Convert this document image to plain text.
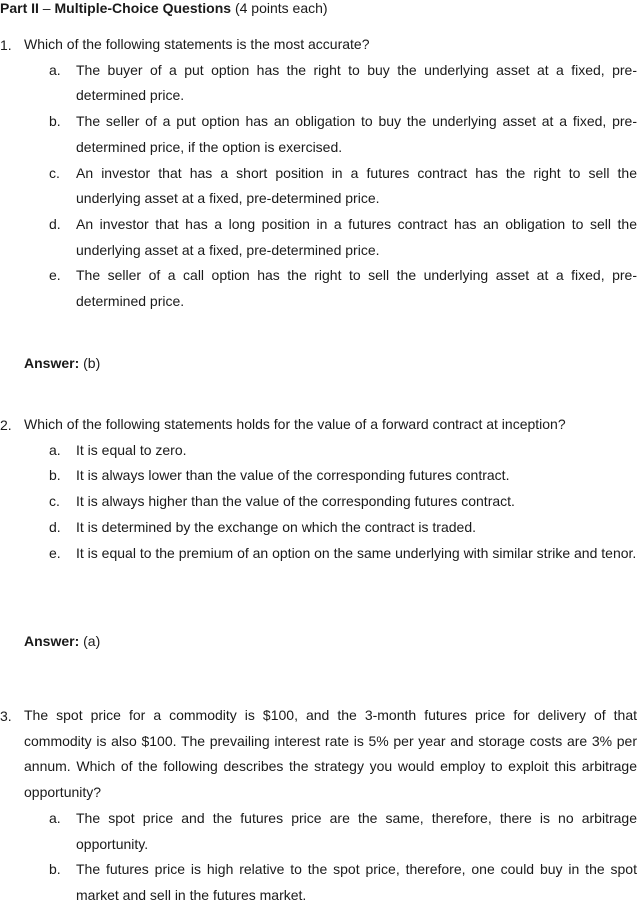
Part II – Multiple-Choice Questions (4 points each)
1. Which of the following statements is the most accurate?
a. The buyer of a put option has the right to buy the underlying asset at a fixed, pre-determined price.
b. The seller of a put option has an obligation to buy the underlying asset at a fixed, pre-determined price, if the option is exercised.
c. An investor that has a short position in a futures contract has the right to sell the underlying asset at a fixed, pre-determined price.
d. An investor that has a long position in a futures contract has an obligation to sell the underlying asset at a fixed, pre-determined price.
e. The seller of a call option has the right to sell the underlying asset at a fixed, pre-determined price.
Answer: (b)
2. Which of the following statements holds for the value of a forward contract at inception?
a. It is equal to zero.
b. It is always lower than the value of the corresponding futures contract.
c. It is always higher than the value of the corresponding futures contract.
d. It is determined by the exchange on which the contract is traded.
e. It is equal to the premium of an option on the same underlying with similar strike and tenor.
Answer: (a)
3. The spot price for a commodity is $100, and the 3-month futures price for delivery of that commodity is also $100. The prevailing interest rate is 5% per year and storage costs are 3% per annum. Which of the following describes the strategy you would employ to exploit this arbitrage opportunity?
a. The spot price and the futures price are the same, therefore, there is no arbitrage opportunity.
b. The futures price is high relative to the spot price, therefore, one could buy in the spot market and sell in the futures market.
